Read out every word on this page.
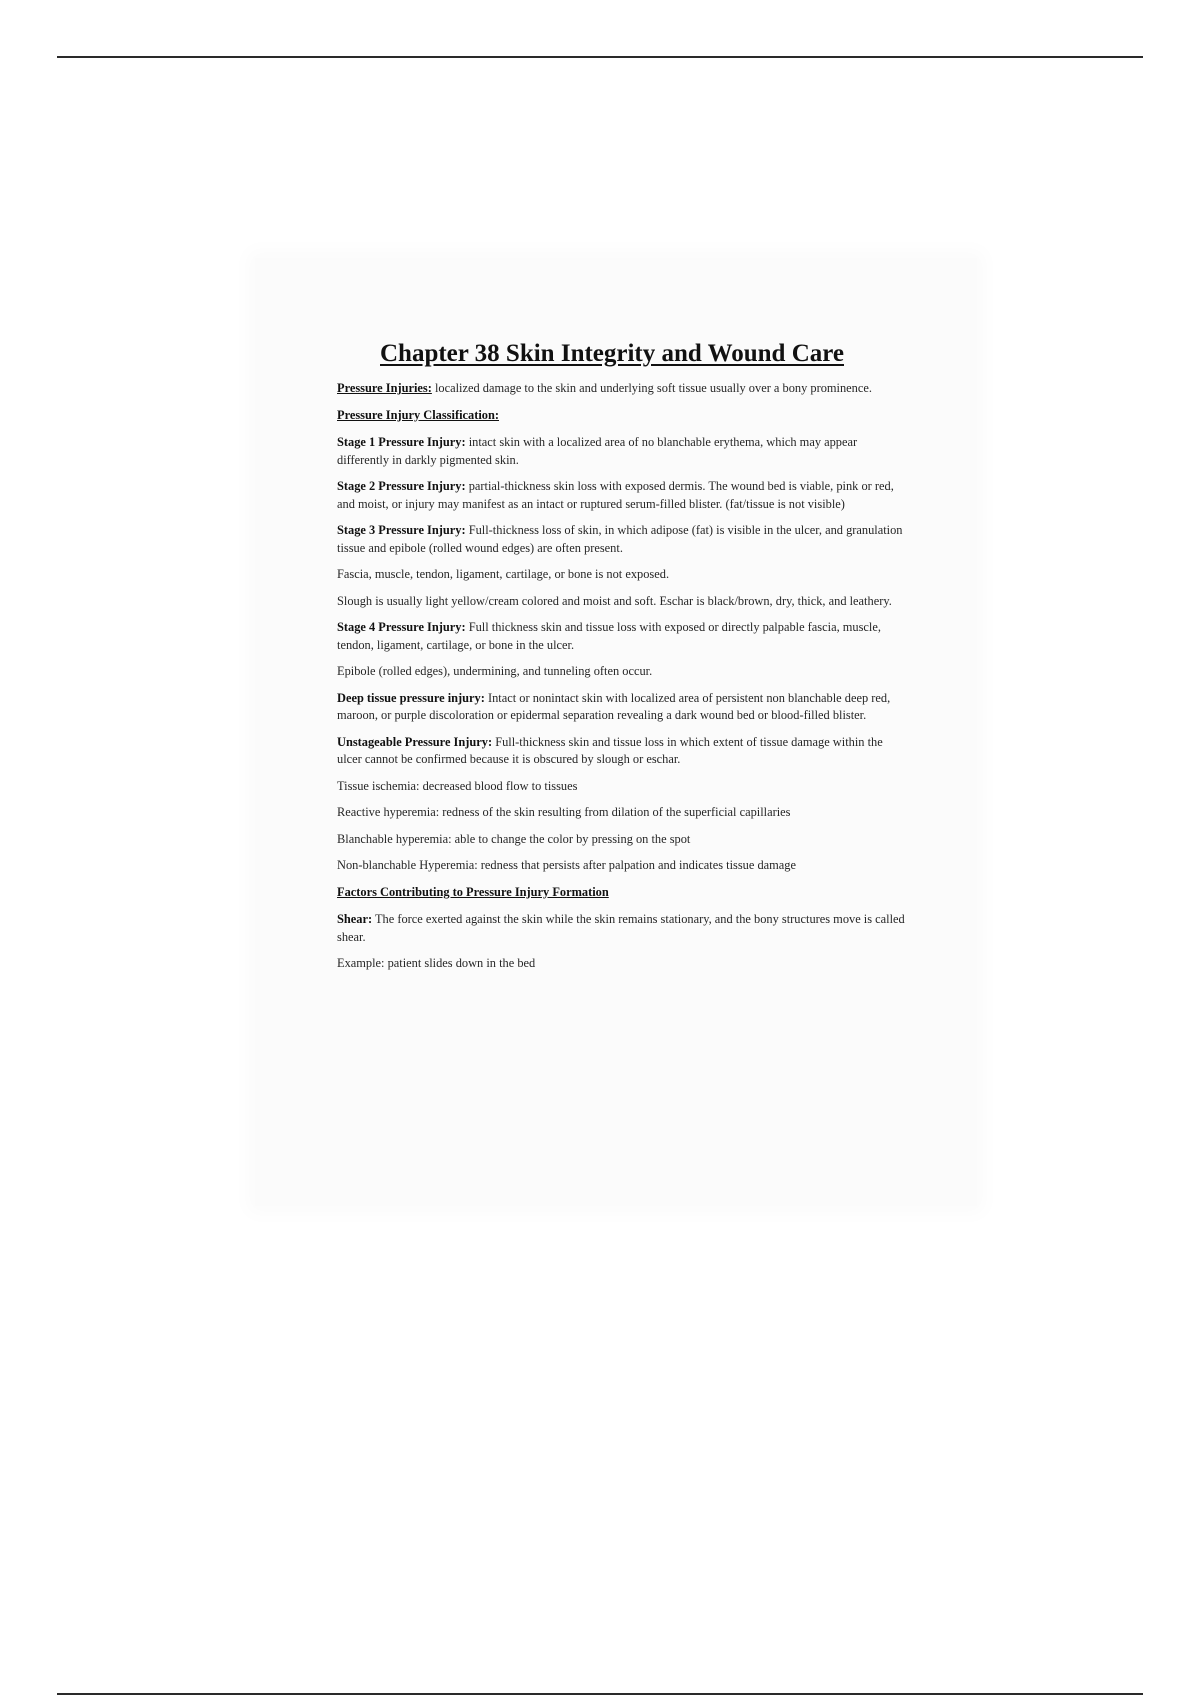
Chapter 38 Skin Integrity and Wound Care

Pressure Injuries: localized damage to the skin and underlying soft tissue usually over a bony prominence.

Pressure Injury Classification:

Stage 1 Pressure Injury: intact skin with a localized area of no blanchable erythema, which may appear differently in darkly pigmented skin.

Stage 2 Pressure Injury: partial-thickness skin loss with exposed dermis. The wound bed is viable, pink or red, and moist, or injury may manifest as an intact or ruptured serum-filled blister. (fat/tissue is not visible)

Stage 3 Pressure Injury: Full-thickness loss of skin, in which adipose (fat) is visible in the ulcer, and granulation tissue and epibole (rolled wound edges) are often present.

Fascia, muscle, tendon, ligament, cartilage, or bone is not exposed.

Slough is usually light yellow/cream colored and moist and soft. Eschar is black/brown, dry, thick, and leathery.

Stage 4 Pressure Injury: Full thickness skin and tissue loss with exposed or directly palpable fascia, muscle, tendon, ligament, cartilage, or bone in the ulcer.

Epibole (rolled edges), undermining, and tunneling often occur.

Deep tissue pressure injury: Intact or nonintact skin with localized area of persistent non blanchable deep red, maroon, or purple discoloration or epidermal separation revealing a dark wound bed or blood-filled blister.

Unstageable Pressure Injury: Full-thickness skin and tissue loss in which extent of tissue damage within the ulcer cannot be confirmed because it is obscured by slough or eschar.

Tissue ischemia: decreased blood flow to tissues

Reactive hyperemia: redness of the skin resulting from dilation of the superficial capillaries

Blanchable hyperemia: able to change the color by pressing on the spot

Non-blanchable Hyperemia: redness that persists after palpation and indicates tissue damage

Factors Contributing to Pressure Injury Formation

Shear: The force exerted against the skin while the skin remains stationary, and the bony structures move is called shear.

Example: patient slides down in the bed
